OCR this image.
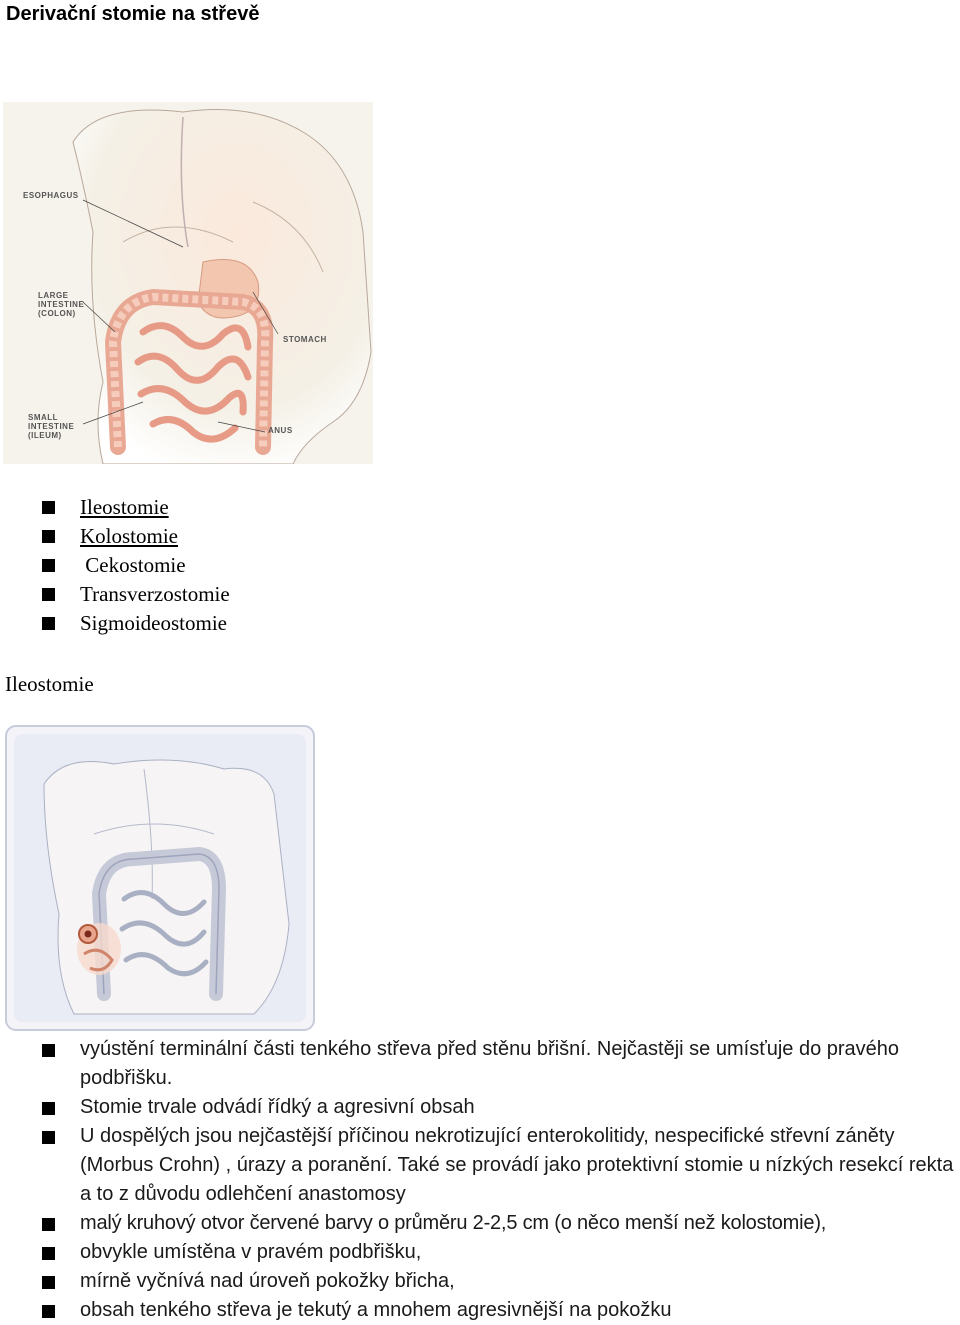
Derivační stomie na střevě
ESOPHAGUS
LARGE
INTESTINE
(COLON)
STOMACH
SMALL
INTESTINE
(ILEUM)
ANUS
Ileostomie
Kolostomie
Cekostomie
Transverzostomie
Sigmoideostomie
Ileostomie
vyústění terminální části tenkého střeva před stěnu břišní. Nejčastěji se umísťuje do pravého podbřišku.
Stomie trvale odvádí řídký a agresivní obsah
U dospělých jsou nejčastější příčinou nekrotizující enterokolitidy, nespecifické střevní záněty (Morbus Crohn) , úrazy a poranění. Také se provádí jako protektivní stomie u nízkých resekcí rekta a to z důvodu odlehčení anastomosy
malý kruhový otvor červené barvy o průměru 2-2,5 cm (o něco menší než kolostomie),
obvykle umístěna v pravém podbřišku,
mírně vyčnívá nad úroveň pokožky břicha,
obsah tenkého střeva je tekutý a mnohem agresivnější na pokožku
